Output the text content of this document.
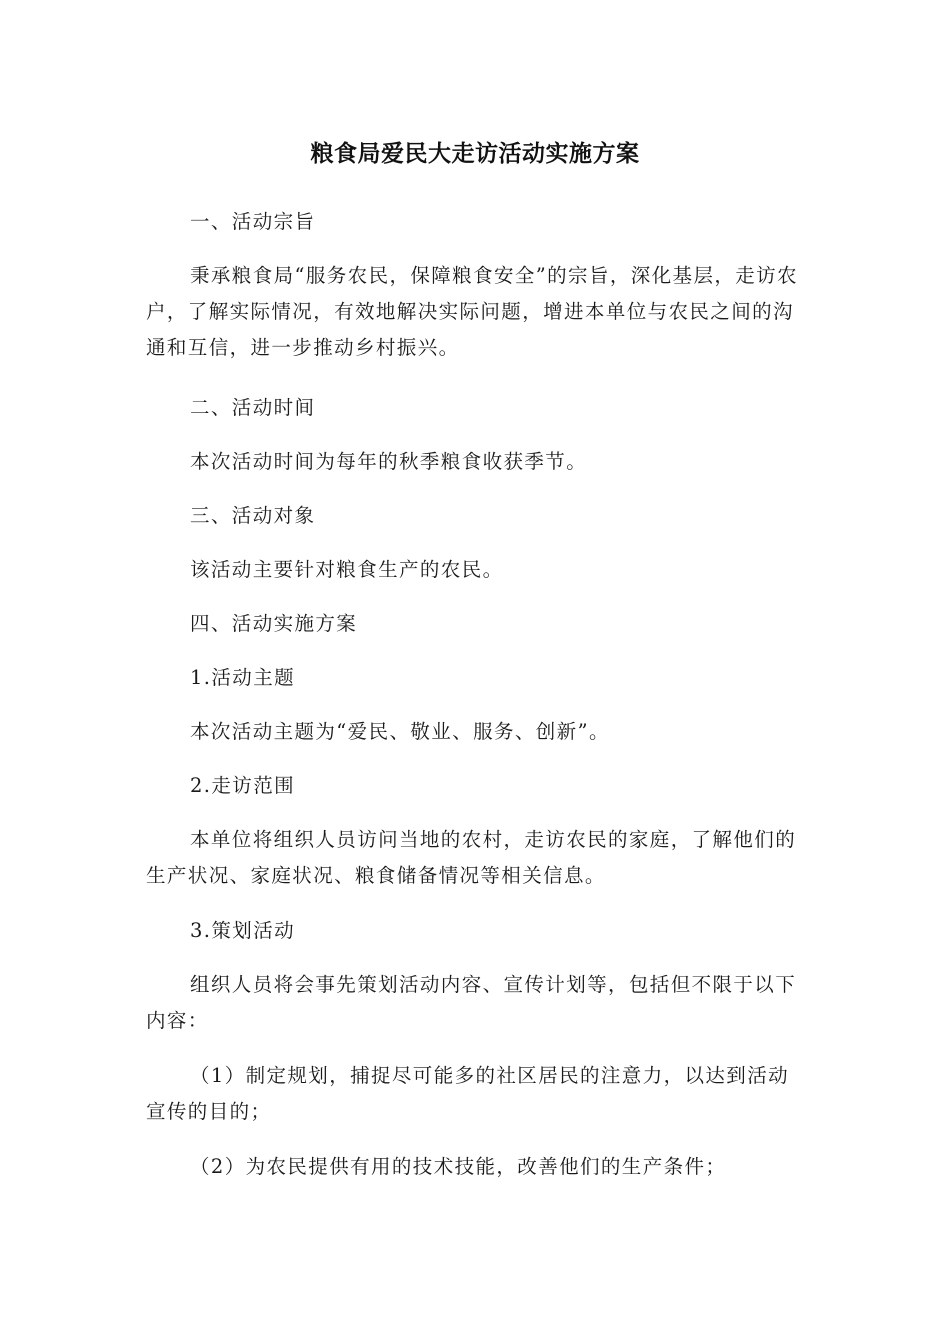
粮食局爱民大走访活动实施方案

一、活动宗旨

秉承粮食局“服务农民，保障粮食安全”的宗旨，深化基层，走访农户，了解实际情况，有效地解决实际问题，增进本单位与农民之间的沟通和互信，进一步推动乡村振兴。

二、活动时间

本次活动时间为每年的秋季粮食收获季节。

三、活动对象

该活动主要针对粮食生产的农民。

四、活动实施方案

1.活动主题

本次活动主题为“爱民、敬业、服务、创新”。

2.走访范围

本单位将组织人员访问当地的农村，走访农民的家庭，了解他们的生产状况、家庭状况、粮食储备情况等相关信息。

3.策划活动

组织人员将会事先策划活动内容、宣传计划等，包括但不限于以下内容：

（1）制定规划，捕捉尽可能多的社区居民的注意力，以达到活动宣传的目的；

（2）为农民提供有用的技术技能，改善他们的生产条件；
